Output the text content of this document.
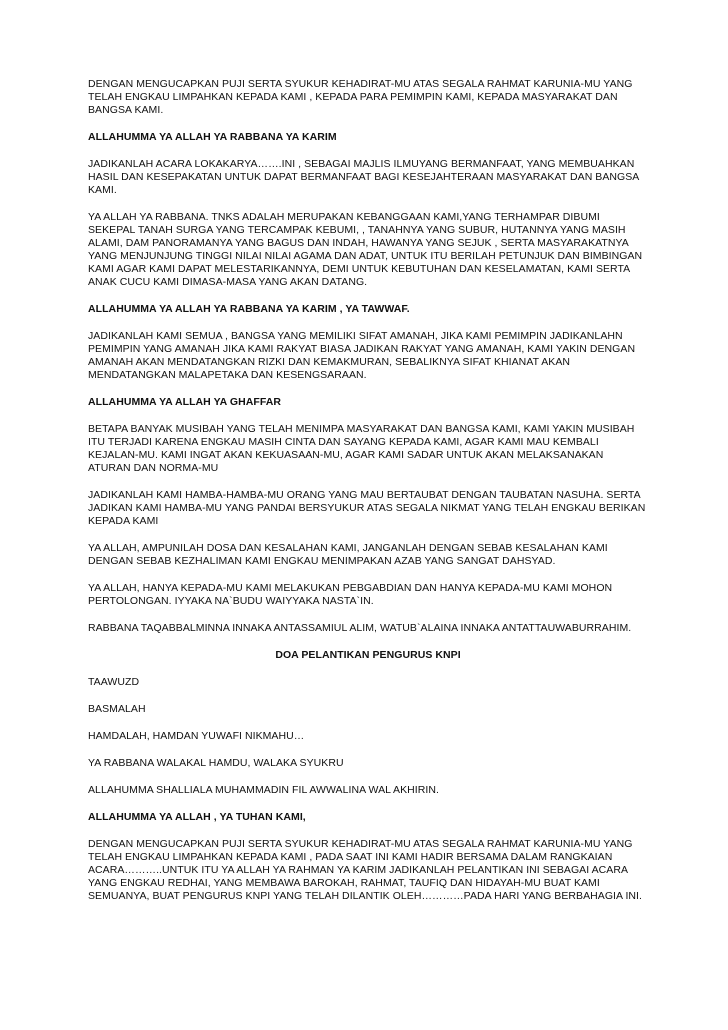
DENGAN MENGUCAPKAN PUJI SERTA SYUKUR KEHADIRAT-MU ATAS SEGALA RAHMAT KARUNIA-MU YANG TELAH ENGKAU LIMPAHKAN KEPADA KAMI , KEPADA PARA PEMIMPIN KAMI, KEPADA MASYARAKAT DAN BANGSA KAMI.

ALLAHUMMA YA ALLAH YA RABBANA YA KARIM

JADIKANLAH ACARA LOKAKARYA…….INI , SEBAGAI MAJLIS ILMUYANG BERMANFAAT, YANG MEMBUAHKAN HASIL DAN KESEPAKATAN UNTUK DAPAT BERMANFAAT BAGI KESEJAHTERAAN MASYARAKAT DAN BANGSA KAMI.

YA ALLAH YA RABBANA. TNKS ADALAH MERUPAKAN KEBANGGAAN KAMI,YANG TERHAMPAR DIBUMI SEKEPAL TANAH SURGA YANG TERCAMPAK KEBUMI, , TANAHNYA YANG SUBUR, HUTANNYA YANG MASIH ALAMI, DAM PANORAMANYA YANG BAGUS DAN INDAH, HAWANYA YANG SEJUK , SERTA MASYARAKATNYA YANG MENJUNJUNG TINGGI NILAI NILAI AGAMA DAN ADAT, UNTUK ITU BERILAH PETUNJUK DAN BIMBINGAN KAMI AGAR KAMI DAPAT MELESTARIKANNYA, DEMI UNTUK KEBUTUHAN DAN KESELAMATAN, KAMI SERTA ANAK CUCU KAMI DIMASA-MASA YANG AKAN DATANG.

ALLAHUMMA YA ALLAH YA RABBANA YA KARIM , YA TAWWAF.

JADIKANLAH KAMI SEMUA , BANGSA YANG MEMILIKI SIFAT AMANAH, JIKA KAMI PEMIMPIN JADIKANLAHN PEMIMPIN YANG AMANAH JIKA KAMI RAKYAT BIASA JADIKAN RAKYAT YANG AMANAH, KAMI YAKIN DENGAN AMANAH AKAN MENDATANGKAN RIZKI DAN KEMAKMURAN, SEBALIKNYA SIFAT KHIANAT AKAN MENDATANGKAN MALAPETAKA DAN KESENGSARAAN.

ALLAHUMMA YA ALLAH YA GHAFFAR

BETAPA BANYAK MUSIBAH YANG TELAH MENIMPA MASYARAKAT DAN BANGSA KAMI, KAMI YAKIN MUSIBAH ITU TERJADI KARENA ENGKAU MASIH CINTA DAN SAYANG KEPADA KAMI, AGAR KAMI MAU KEMBALI KEJALAN-MU. KAMI INGAT AKAN KEKUASAAN-MU, AGAR KAMI SADAR UNTUK AKAN MELAKSANAKAN ATURAN DAN NORMA-MU

JADIKANLAH KAMI HAMBA-HAMBA-MU ORANG YANG MAU BERTAUBAT DENGAN TAUBATAN NASUHA. SERTA JADIKAN KAMI HAMBA-MU YANG PANDAI BERSYUKUR ATAS SEGALA NIKMAT YANG TELAH ENGKAU BERIKAN KEPADA KAMI

YA ALLAH, AMPUNILAH DOSA DAN KESALAHAN KAMI, JANGANLAH DENGAN SEBAB KESALAHAN KAMI DENGAN SEBAB KEZHALIMAN KAMI ENGKAU MENIMPAKAN AZAB YANG SANGAT DAHSYAD.

YA ALLAH, HANYA KEPADA-MU KAMI MELAKUKAN PEBGABDIAN DAN HANYA KEPADA-MU KAMI MOHON PERTOLONGAN. IYYAKA NA`BUDU WAIYYAKA NASTA`IN.

RABBANA TAQABBALMINNA INNAKA ANTASSAMIUL ALIM, WATUB`ALAINA INNAKA ANTATTAUWABURRAHIM.

DOA PELANTIKAN PENGURUS KNPI

TAAWUZD

BASMALAH

HAMDALAH, HAMDAN YUWAFI NIKMAHU…

YA RABBANA WALAKAL HAMDU, WALAKA SYUKRU

ALLAHUMMA SHALLIALA MUHAMMADIN FIL AWWALINA WAL AKHIRIN.

ALLAHUMMA YA ALLAH , YA TUHAN KAMI,

DENGAN MENGUCAPKAN PUJI SERTA SYUKUR KEHADIRAT-MU ATAS SEGALA RAHMAT KARUNIA-MU YANG TELAH ENGKAU LIMPAHKAN KEPADA KAMI , PADA SAAT INI KAMI HADIR BERSAMA DALAM RANGKAIAN ACARA………..UNTUK ITU YA ALLAH YA RAHMAN YA KARIM JADIKANLAH PELANTIKAN INI SEBAGAI ACARA YANG ENGKAU REDHAI, YANG MEMBAWA BAROKAH, RAHMAT, TAUFIQ DAN HIDAYAH-MU BUAT KAMI SEMUANYA, BUAT PENGURUS KNPI YANG TELAH DILANTIK OLEH…………PADA HARI YANG BERBAHAGIA INI.
